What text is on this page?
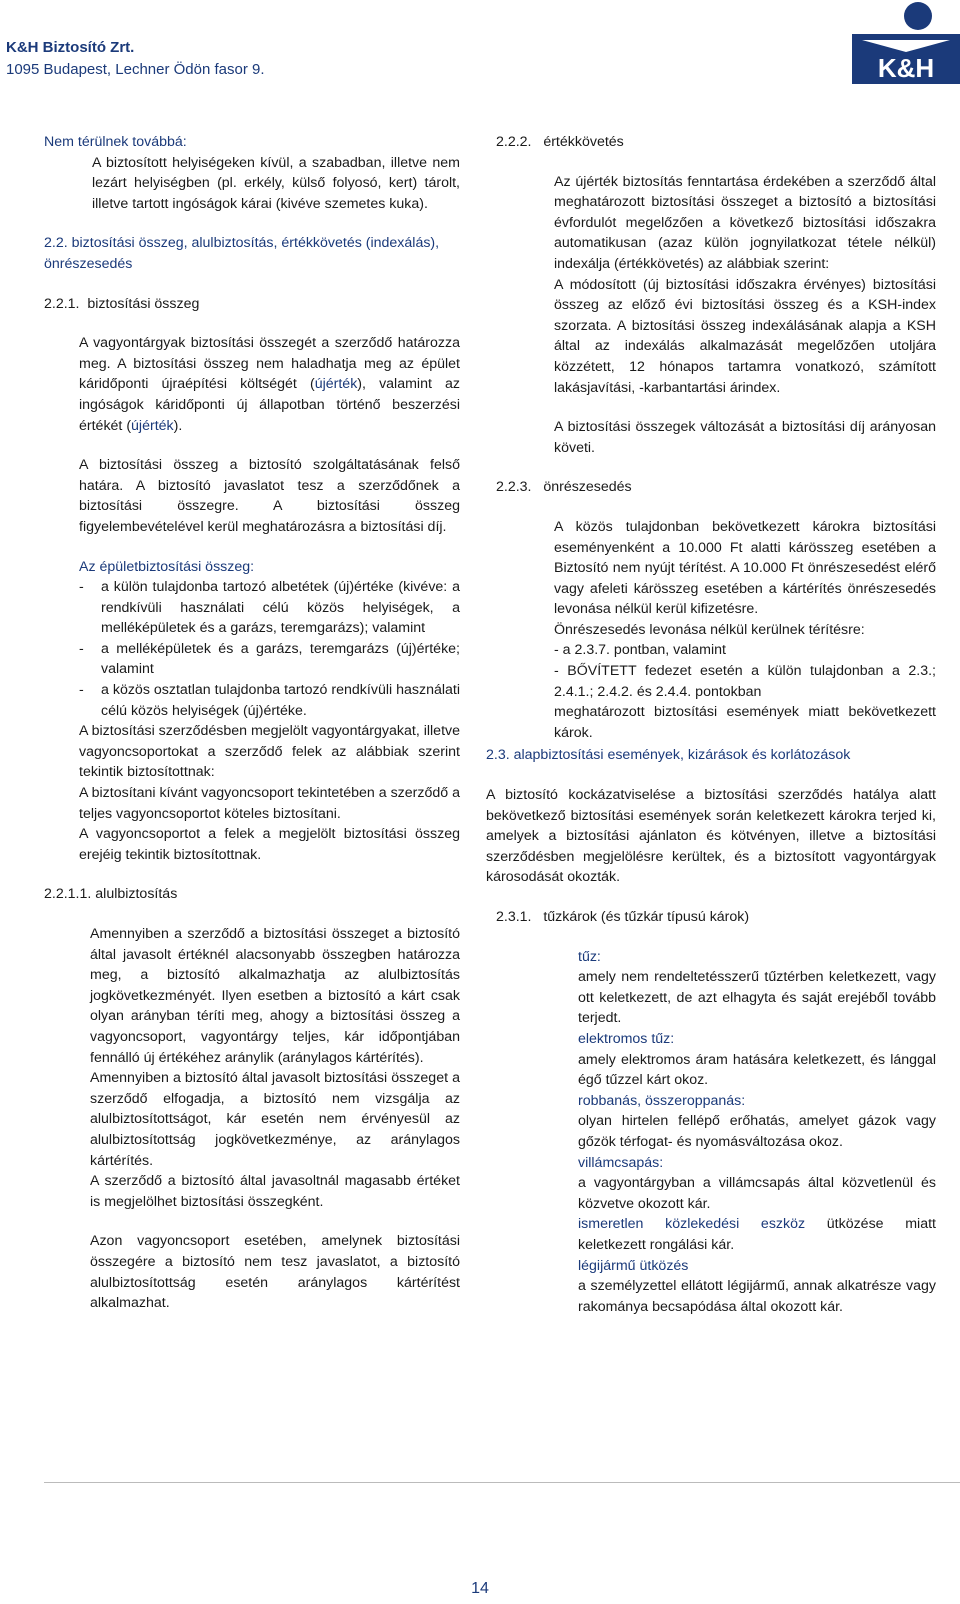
K&H Biztosító Zrt.
1095 Budapest, Lechner Ödön fasor 9.	K&H

Nem térülnek továbbá:

A biztosított helyiségeken kívül, a szabadban, illetve nem lezárt helyiségben (pl. erkély, külső folyosó, kert) tárolt, illetve tartott ingóságok kárai (kivéve szemetes kuka).

2.2. biztosítási összeg, alulbiztosítás, értékkövetés (indexálás), önrészesedés

2.2.1. biztosítási összeg

A vagyontárgyak biztosítási összegét a szerződő határozza meg. A biztosítási összeg nem haladhatja meg az épület káridőponti újraépítési költségét (újérték), valamint az ingóságok káridőponti új állapotban történő beszerzési értékét (újérték).

A biztosítási összeg a biztosító szolgáltatásának felső határa. A biztosító javaslatot tesz a szerződőnek a biztosítási összegre. A biztosítási összeg figyelembevételével kerül meghatározásra a biztosítási díj.

Az épületbiztosítási összeg:

-	a külön tulajdonba tartozó albetétek (új)értéke (kivéve: a rendkívüli használati célú közös helyiségek, a melléképületek és a garázs, teremgarázs); valamint
-	a melléképületek és a garázs, teremgarázs (új)értéke; valamint
-	a közös osztatlan tulajdonba tartozó rendkívüli használati célú közös helyiségek (új)értéke.

A biztosítási szerződésben megjelölt vagyontárgyakat, illetve vagyoncsoportokat a szerződő felek az alábbiak szerint tekintik biztosítottnak:

A biztosítani kívánt vagyoncsoport tekintetében a szerződő a teljes vagyoncsoportot köteles biztosítani.

A vagyoncsoportot a felek a megjelölt biztosítási összeg erejéig tekintik biztosítottnak.

2.2.1.1. alulbiztosítás

Amennyiben a szerződő a biztosítási összeget a biztosító által javasolt értéknél alacsonyabb összegben határozza meg, a biztosító alkalmazhatja az alulbiztosítás jogkövetkezményét. Ilyen esetben a biztosító a kárt csak olyan arányban téríti meg, ahogy a biztosítási összeg a vagyoncsoport, vagyontárgy teljes, kár időpontjában fennálló új értékéhez aránylik (aránylagos kártérítés).

Amennyiben a biztosító által javasolt biztosítási összeget a szerződő elfogadja, a biztosító nem vizsgálja az alulbiztosítottságot, kár esetén nem érvényesül az alulbiztosítottság jogkövetkezménye, az aránylagos kártérítés.

A szerződő a biztosító által javasoltnál magasabb értéket is megjelölhet biztosítási összegként.

Azon vagyoncsoport esetében, amelynek biztosítási összegére a biztosító nem tesz javaslatot, a biztosító alulbiztosítottság esetén aránylagos kártérítést alkalmazhat.

2.2.2.   értékkövetés

Az újérték biztosítás fenntartása érdekében a szerződő által meghatározott biztosítási összeget a biztosító a biztosítási évfordulót megelőzően a következő biztosítási időszakra automatikusan (azaz külön jognyilatkozat tétele nélkül) indexálja (értékkövetés) az alábbiak szerint:

A módosított (új biztosítási időszakra érvényes) biztosítási összeg az előző évi biztosítási összeg és a KSH-index szorzata. A biztosítási összeg indexálásának alapja a KSH által az indexálás alkalmazását megelőzően utoljára közzétett, 12 hónapos tartamra vonatkozó, számított lakásjavítási, -karbantartási árindex.

A biztosítási összegek változását a biztosítási díj arányosan követi.

2.2.3.   önrészesedés

A közös tulajdonban bekövetkezett károkra biztosítási eseményenként a 10.000 Ft alatti kárösszeg esetében a Biztosító nem nyújt térítést. A 10.000 Ft önrészesedést elérő vagy afeleti kárösszeg esetében a kártérítés önrészesedés levonása nélkül kerül kifizetésre.

Önrészesedés levonása nélkül kerülnek térítésre:

- a 2.3.7. pontban, valamint

- BŐVÍTETT fedezet esetén a külön tulajdonban a 2.3.; 2.4.1.; 2.4.2. és 2.4.4. pontokban

meghatározott biztosítási események miatt bekövetkezett károk.

2.3. alapbiztosítási események, kizárások és korlátozások

A biztosító kockázatviselése a biztosítási szerződés hatálya alatt bekövetkező biztosítási események során keletkezett károkra terjed ki, amelyek a biztosítási ajánlaton és kötvényen, illetve a biztosítási szerződésben megjelölésre kerültek, és a biztosított vagyontárgyak károsodását okozták.

2.3.1.   tűzkárok (és tűzkár típusú károk)

tűz:

amely nem rendeltetésszerű tűztérben keletkezett, vagy ott keletkezett, de azt elhagyta és saját erejéből tovább terjedt.

elektromos tűz:

amely elektromos áram hatására keletkezett, és lánggal égő tűzzel kárt okoz.

robbanás, összeroppanás:

olyan hirtelen fellépő erőhatás, amelyet gázok vagy gőzök térfogat- és nyomásváltozása okoz.

villámcsapás:

a vagyontárgyban a villámcsapás által közvetlenül és közvetve okozott kár.

ismeretlen közlekedési eszköz ütközése miatt keletkezett rongálási kár.

légijármű ütközés

a személyzettel ellátott légijármű, annak alkatrésze vagy rakománya becsapódása által okozott kár.

14
